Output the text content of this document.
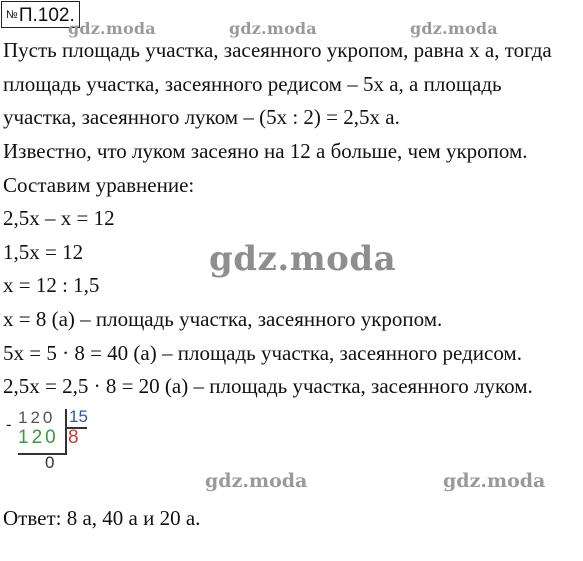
№П.102.
gdz.moda	gdz.moda	gdz.moda
Пусть площадь участка, засеянного укропом, равна x а, тогда
площадь участка, засеянного редисом – 5x а, а площадь
участка, засеянного луком – (5x : 2) = 2,5x а.
Известно, что луком засеяно на 12 а больше, чем укропом.
Составим уравнение:
2,5x – x = 12
1,5x = 12
x = 12 : 1,5
x = 8 (а) – площадь участка, засеянного укропом.
5x = 5 · 8 = 40 (а) – площадь участка, засеянного редисом.
2,5x = 2,5 · 8 = 20 (а) – площадь участка, засеянного луком.
gdz.moda
- 120 15
120 8
0
gdz.moda	gdz.moda
Ответ: 8 а, 40 а и 20 а.
